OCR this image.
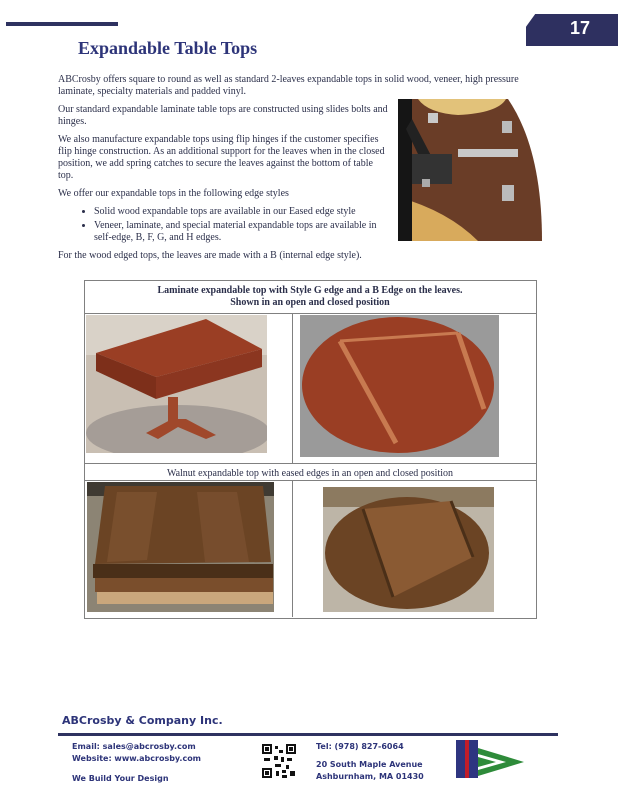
17
Expandable Table Tops

ABCrosby offers square to round as well as standard 2-leaves expandable tops in solid wood, veneer, high pressure laminate, specialty materials and padded vinyl.

Our standard expandable laminate table tops are constructed using slides bolts and hinges.

We also manufacture expandable tops using flip hinges if the customer specifies flip hinge construction. As an additional support for the leaves when in the closed position, we add spring catches to secure the leaves against the bottom of table top.

We offer our expandable tops in the following edge styles

• Solid wood expandable tops are available in our Eased edge style
• Veneer, laminate, and special material expandable tops are available in self-edge, B, F, G, and H edges.

For the wood edged tops, the leaves are made with a B (internal edge style).

Laminate expandable top with Style G edge and a B Edge on the leaves.
Shown in an open and closed position
Walnut expandable top with eased edges in an open and closed position
ABCrosby & Company Inc.
Email: sales@abcrosby.com
Website: www.abcrosby.com
We Build Your Design
Tel: (978) 827-6064
20 South Maple Avenue
Ashburnham, MA 01430
